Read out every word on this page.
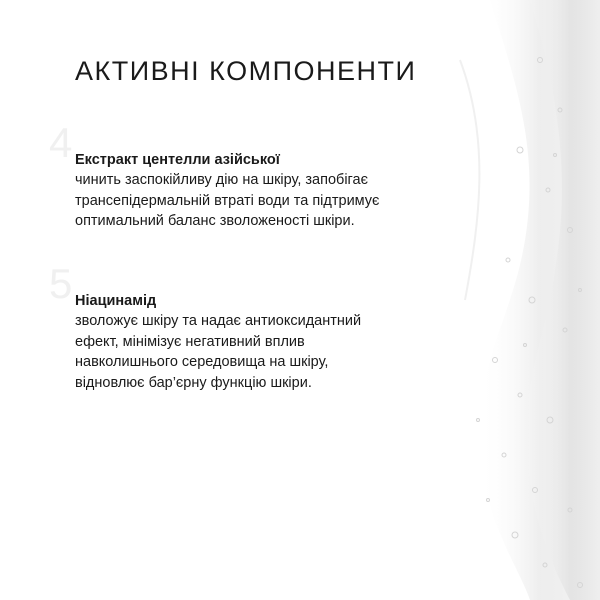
АКТИВНІ КОМПОНЕНТИ
4 Екстракт центелли азійської
чинить заспокійливу дію на шкіру, запобігає
трансепідермальній втраті води та підтримує
оптимальний баланс зволоженості шкіри.
5 Ніацинамід
зволожує шкіру та надає антиоксидантний
ефект, мінімізує негативний вплив
навколишнього середовища на шкіру,
відновлює бар’єрну функцію шкіри.
